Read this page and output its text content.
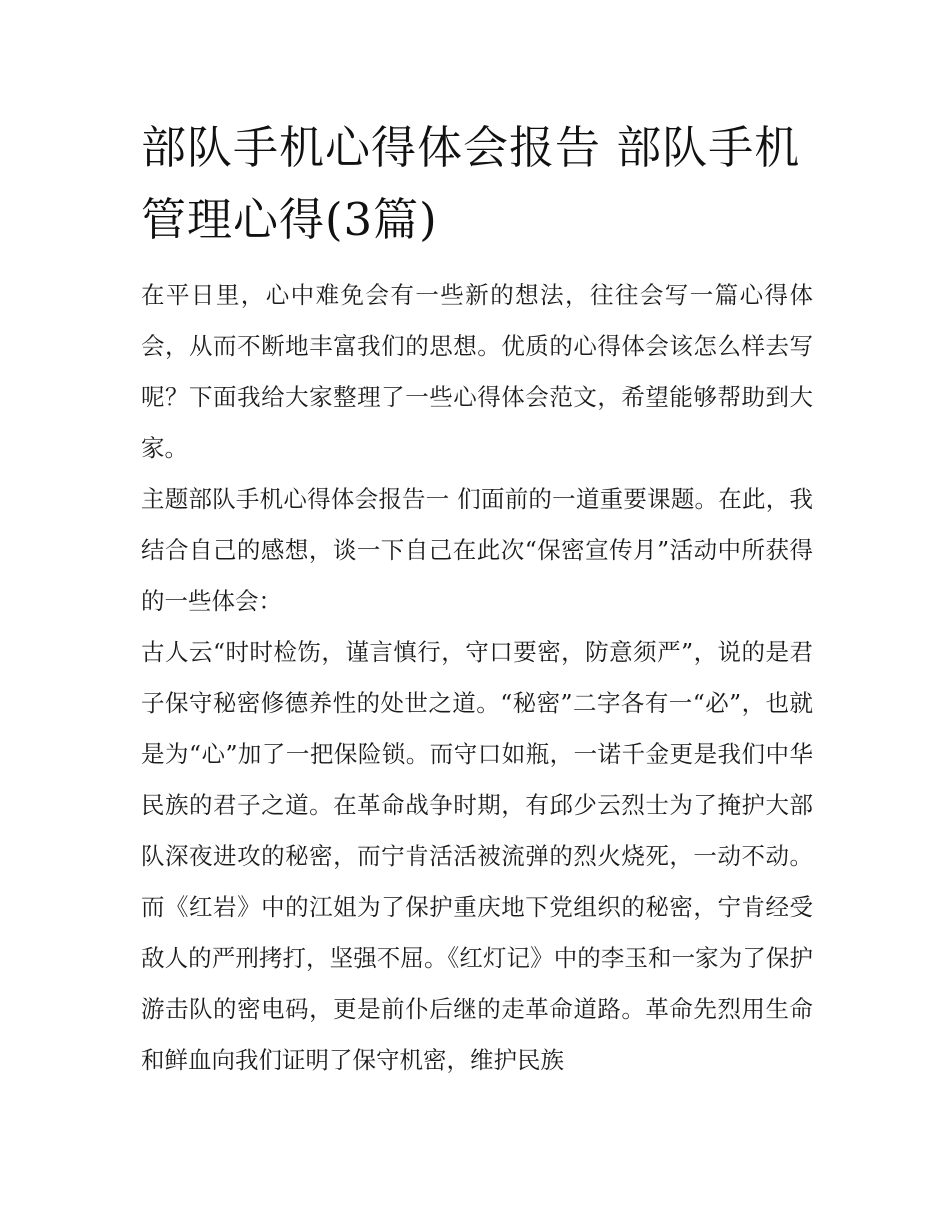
部队手机心得体会报告 部队手机管理心得(3篇)

在平日里，心中难免会有一些新的想法，往往会写一篇心得体会，从而不断地丰富我们的思想。优质的心得体会该怎么样去写呢？下面我给大家整理了一些心得体会范文，希望能够帮助到大家。

主题部队手机心得体会报告一 们面前的一道重要课题。在此，我结合自己的感想，谈一下自己在此次“保密宣传月”活动中所获得的一些体会：

古人云“时时检饬，谨言慎行，守口要密，防意须严”，说的是君子保守秘密修德养性的处世之道。“秘密”二字各有一“必”，也就是为“心”加了一把保险锁。而守口如瓶，一诺千金更是我们中华民族的君子之道。在革命战争时期，有邱少云烈士为了掩护大部队深夜进攻的秘密，而宁肯活活被流弹的烈火烧死，一动不动。而《红岩》中的江姐为了保护重庆地下党组织的秘密，宁肯经受敌人的严刑拷打，坚强不屈。《红灯记》中的李玉和一家为了保护游击队的密电码，更是前仆后继的走革命道路。革命先烈用生命和鲜血向我们证明了保守机密，维护民族
